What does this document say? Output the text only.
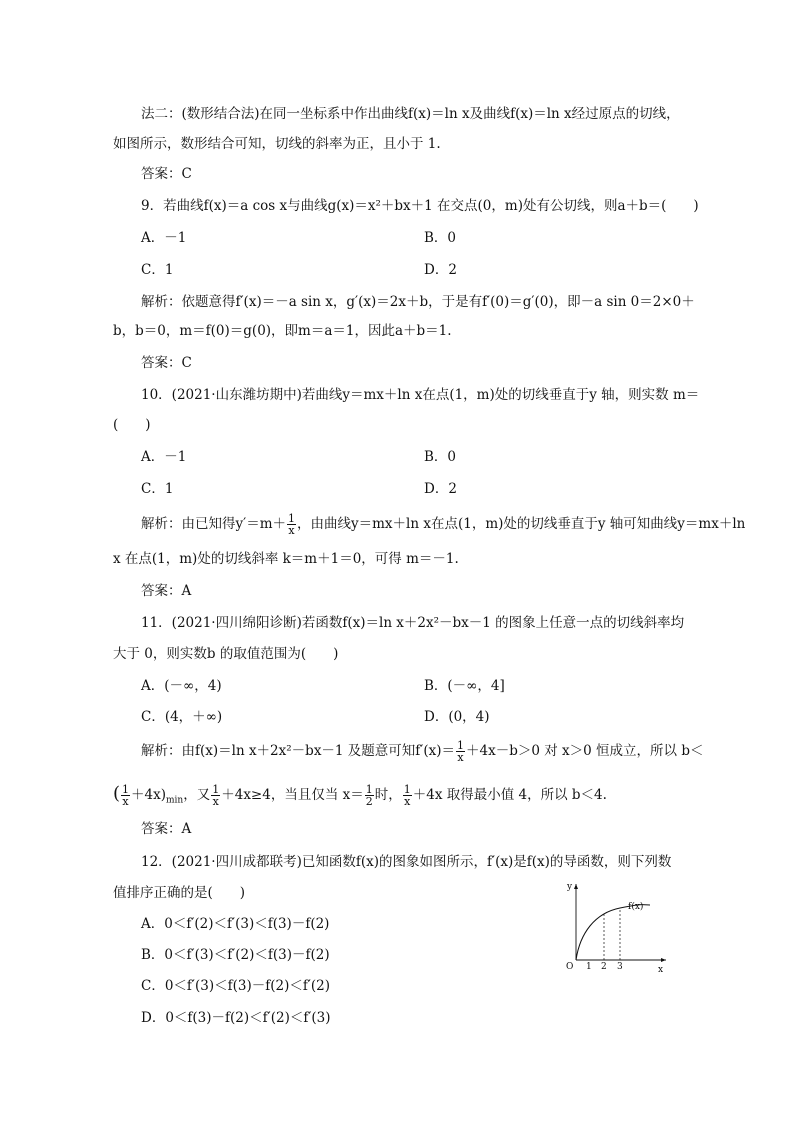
法二：(数形结合法)在同一坐标系中作出曲线f(x)＝ln x及曲线f(x)＝ln x经过原点的切线，
如图所示，数形结合可知，切线的斜率为正，且小于 1.
答案：C
9．若曲线f(x)＝a cos x与曲线g(x)＝x²＋bx＋1 在交点(0，m)处有公切线，则a＋b＝(　　)
A．－1	B．0
C．1	D．2
解析：依题意得f′(x)＝－a sin x，g′(x)＝2x＋b，于是有f′(0)＝g′(0)，即－a sin 0＝2×0＋
b，b＝0，m＝f(0)＝g(0)，即m＝a＝1，因此a＋b＝1.
答案：C
10．(2021·山东潍坊期中)若曲线y＝mx＋ln x在点(1，m)处的切线垂直于y 轴，则实数 m＝
(　　)
A．－1	B．0
C．1	D．2
解析：由已知得$y'=m+ \frac{1}{x}$ ，由曲线y＝mx＋ln x在点(1，m)处的切线垂直于y 轴可知曲线y＝mx＋ln
x 在点(1，m)处的切线斜率 k＝m＋1＝0，可得 m＝－1.
答案：A
11．(2021·四川绵阳诊断)若函数f(x)＝ln x＋2x²－bx－1 的图象上任意一点的切线斜率均
大于 0，则实数b 的取值范围为(　　)
A．(－∞，4)	B．(－∞，4]
C．(4，＋∞)	D．(0，4)
解析：由f(x)＝ln x＋2x²－bx－1 及题意可知$f'(x)= \frac{1}{x} +4x-b>0$ 对 x＞0 恒成立，所以 b＜
( $\frac{1}{x} +4x)_{min}$，又 $\frac{1}{x} +4x\ge 4$，当且仅当 $x= \frac{1}{2}$ 时， $\frac{1}{x} +4x$ 取得最小值 4，所以 b＜4.
答案：A
12．(2021·四川成都联考)已知函数f(x)的图象如图所示，f′(x)是f(x)的导函数，则下列数
值排序正确的是(　　)
A．0＜f′(2)＜f′(3)＜f(3)－f(2)
B．0＜f′(3)＜f′(2)＜f(3)－f(2)
C．0＜f′(3)＜f(3)－f(2)＜f′(2)
D．0＜f(3)－f(2)＜f′(2)＜f′(3)
y
x
O 1 2 3
f(x)
